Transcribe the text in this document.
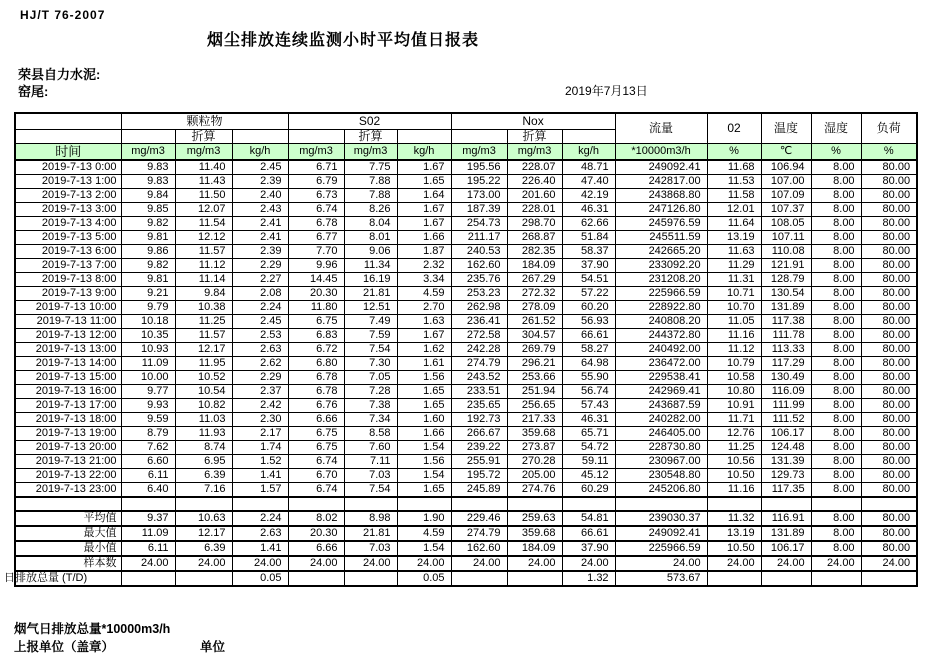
HJ/T 76-2007
烟尘排放连续监测小时平均值日报表
荣县自力水泥:
窑尾:	2019年7月13日
	颗粒物			S02			Nox			流量	02	温度	湿度	负荷
		折算			折算			折算						
时间	mg/m3	mg/m3	kg/h	mg/m3	mg/m3	kg/h	mg/m3	mg/m3	kg/h	*10000m3/h	%	℃	%	%
2019-7-13 0:00	9.83	11.40	2.45	6.71	7.75	1.67	195.56	228.07	48.71	249092.41	11.68	106.94	8.00	80.00
2019-7-13 1:00	9.83	11.43	2.39	6.79	7.88	1.65	195.22	226.40	47.40	242817.00	11.53	107.00	8.00	80.00
2019-7-13 2:00	9.84	11.50	2.40	6.73	7.88	1.64	173.00	201.60	42.19	243868.80	11.58	107.09	8.00	80.00
2019-7-13 3:00	9.85	12.07	2.43	6.74	8.26	1.67	187.39	228.01	46.31	247126.80	12.01	107.37	8.00	80.00
2019-7-13 4:00	9.82	11.54	2.41	6.78	8.04	1.67	254.73	298.70	62.66	245976.59	11.64	108.05	8.00	80.00
2019-7-13 5:00	9.81	12.12	2.41	6.77	8.01	1.66	211.17	268.87	51.84	245511.59	13.19	107.11	8.00	80.00
2019-7-13 6:00	9.86	11.57	2.39	7.70	9.06	1.87	240.53	282.35	58.37	242665.20	11.63	110.08	8.00	80.00
2019-7-13 7:00	9.82	11.12	2.29	9.96	11.34	2.32	162.60	184.09	37.90	233092.20	11.29	121.91	8.00	80.00
2019-7-13 8:00	9.81	11.14	2.27	14.45	16.19	3.34	235.76	267.29	54.51	231208.20	11.31	128.79	8.00	80.00
2019-7-13 9:00	9.21	9.84	2.08	20.30	21.81	4.59	253.23	272.32	57.22	225966.59	10.71	130.54	8.00	80.00
2019-7-13 10:00	9.79	10.38	2.24	11.80	12.51	2.70	262.98	278.09	60.20	228922.80	10.70	131.89	8.00	80.00
2019-7-13 11:00	10.18	11.25	2.45	6.75	7.49	1.63	236.41	261.52	56.93	240808.20	11.05	117.38	8.00	80.00
2019-7-13 12:00	10.35	11.57	2.53	6.83	7.59	1.67	272.58	304.57	66.61	244372.80	11.16	111.78	8.00	80.00
2019-7-13 13:00	10.93	12.17	2.63	6.72	7.54	1.62	242.28	269.79	58.27	240492.00	11.12	113.33	8.00	80.00
2019-7-13 14:00	11.09	11.95	2.62	6.80	7.30	1.61	274.79	296.21	64.98	236472.00	10.79	117.29	8.00	80.00
2019-7-13 15:00	10.00	10.52	2.29	6.78	7.05	1.56	243.52	253.66	55.90	229538.41	10.58	130.49	8.00	80.00
2019-7-13 16:00	9.77	10.54	2.37	6.78	7.28	1.65	233.51	251.94	56.74	242969.41	10.80	116.09	8.00	80.00
2019-7-13 17:00	9.93	10.82	2.42	6.76	7.38	1.65	235.65	256.65	57.43	243687.59	10.91	111.99	8.00	80.00
2019-7-13 18:00	9.59	11.03	2.30	6.66	7.34	1.60	192.73	217.33	46.31	240282.00	11.71	111.52	8.00	80.00
2019-7-13 19:00	8.79	11.93	2.17	6.75	8.58	1.66	266.67	359.68	65.71	246405.00	12.76	106.17	8.00	80.00
2019-7-13 20:00	7.62	8.74	1.74	6.75	7.60	1.54	239.22	273.87	54.72	228730.80	11.25	124.48	8.00	80.00
2019-7-13 21:00	6.60	6.95	1.52	6.74	7.11	1.56	255.91	270.28	59.11	230967.00	10.56	131.39	8.00	80.00
2019-7-13 22:00	6.11	6.39	1.41	6.70	7.03	1.54	195.72	205.00	45.12	230548.80	10.50	129.73	8.00	80.00
2019-7-13 23:00	6.40	7.16	1.57	6.74	7.54	1.65	245.89	274.76	60.29	245206.80	11.16	117.35	8.00	80.00

平均值	9.37	10.63	2.24	8.02	8.98	1.90	229.46	259.63	54.81	239030.37	11.32	116.91	8.00	80.00
最大值	11.09	12.17	2.63	20.30	21.81	4.59	274.79	359.68	66.61	249092.41	13.19	131.89	8.00	80.00
最小值	6.11	6.39	1.41	6.66	7.03	1.54	162.60	184.09	37.90	225966.59	10.50	106.17	8.00	80.00
样本数	24.00	24.00	24.00	24.00	24.00	24.00	24.00	24.00	24.00	24.00	24.00	24.00	24.00	24.00
日排放总量 (T/D)			0.05			0.05			1.32	573.67				
烟气日排放总量*10000m3/h
上报单位（盖章）	单位
